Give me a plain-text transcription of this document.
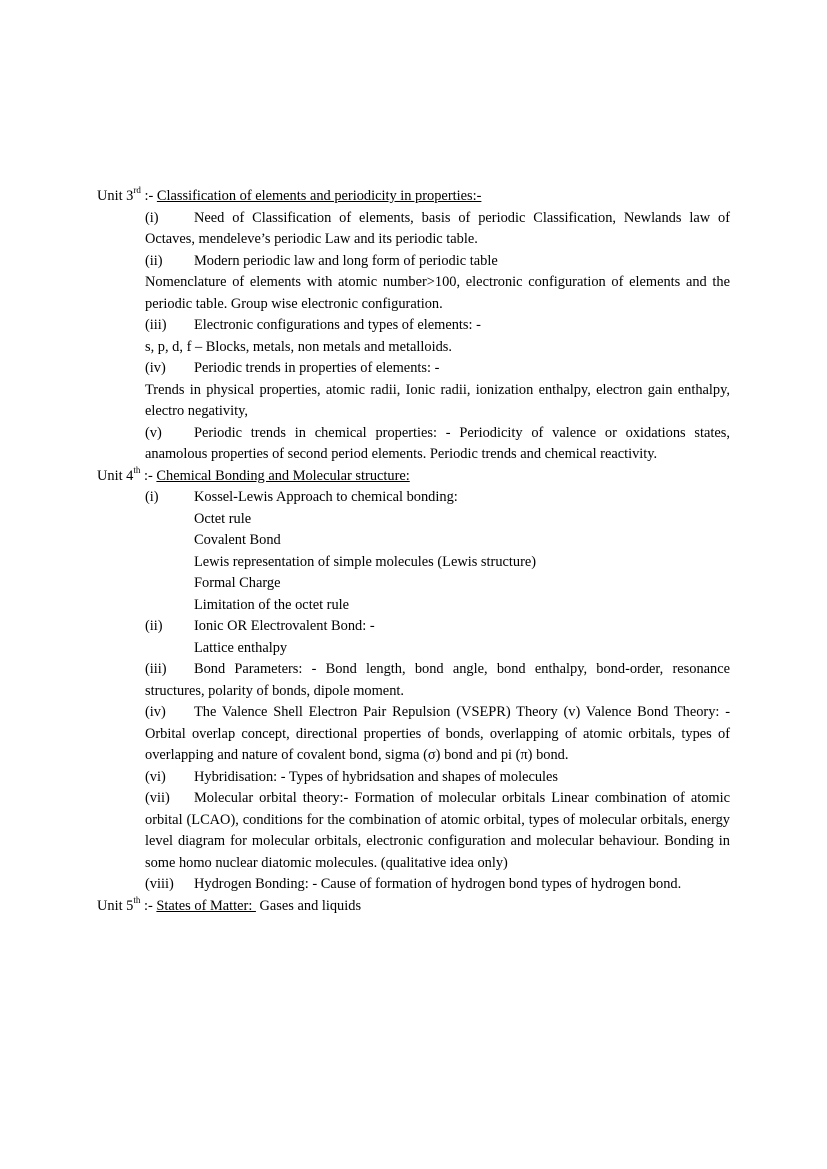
Unit 3rd :- Classification of elements and periodicity in properties:-

(i) Need of Classification of elements, basis of periodic Classification, Newlands law of Octaves, mendeleve’s periodic Law and its periodic table.

(ii) Modern periodic law and long form of periodic table

Nomenclature of elements with atomic number>100, electronic configuration of elements and the periodic table. Group wise electronic configuration.

(iii) Electronic configurations and types of elements: -

s, p, d, f – Blocks, metals, non metals and metalloids.

(iv) Periodic trends in properties of elements: -

Trends in physical properties, atomic radii, Ionic radii, ionization enthalpy, electron gain enthalpy, electro negativity,

(v) Periodic trends in chemical properties: - Periodicity of valence or oxidations states, anamolous properties of second period elements. Periodic trends and chemical reactivity.

Unit 4th :- Chemical Bonding and Molecular structure:

(i) Kossel-Lewis Approach to chemical bonding:

Octet rule

Covalent Bond

Lewis representation of simple molecules (Lewis structure)

Formal Charge

Limitation of the octet rule

(ii) Ionic OR Electrovalent Bond: -

Lattice enthalpy

(iii) Bond Parameters: - Bond length, bond angle, bond enthalpy, bond-order, resonance structures, polarity of bonds, dipole moment.

(iv) The Valence Shell Electron Pair Repulsion (VSEPR) Theory (v) Valence Bond Theory: - Orbital overlap concept, directional properties of bonds, overlapping of atomic orbitals, types of overlapping and nature of covalent bond, sigma (σ) bond and pi (π) bond.

(vi) Hybridisation: - Types of hybridsation and shapes of molecules

(vii) Molecular orbital theory:- Formation of molecular orbitals Linear combination of atomic orbital (LCAO), conditions for the combination of atomic orbital, types of molecular orbitals, energy level diagram for molecular orbitals, electronic configuration and molecular behaviour. Bonding in some homo nuclear diatomic molecules. (qualitative idea only)

(viii) Hydrogen Bonding: - Cause of formation of hydrogen bond types of hydrogen bond.

Unit 5th :- States of Matter:  Gases and liquids
